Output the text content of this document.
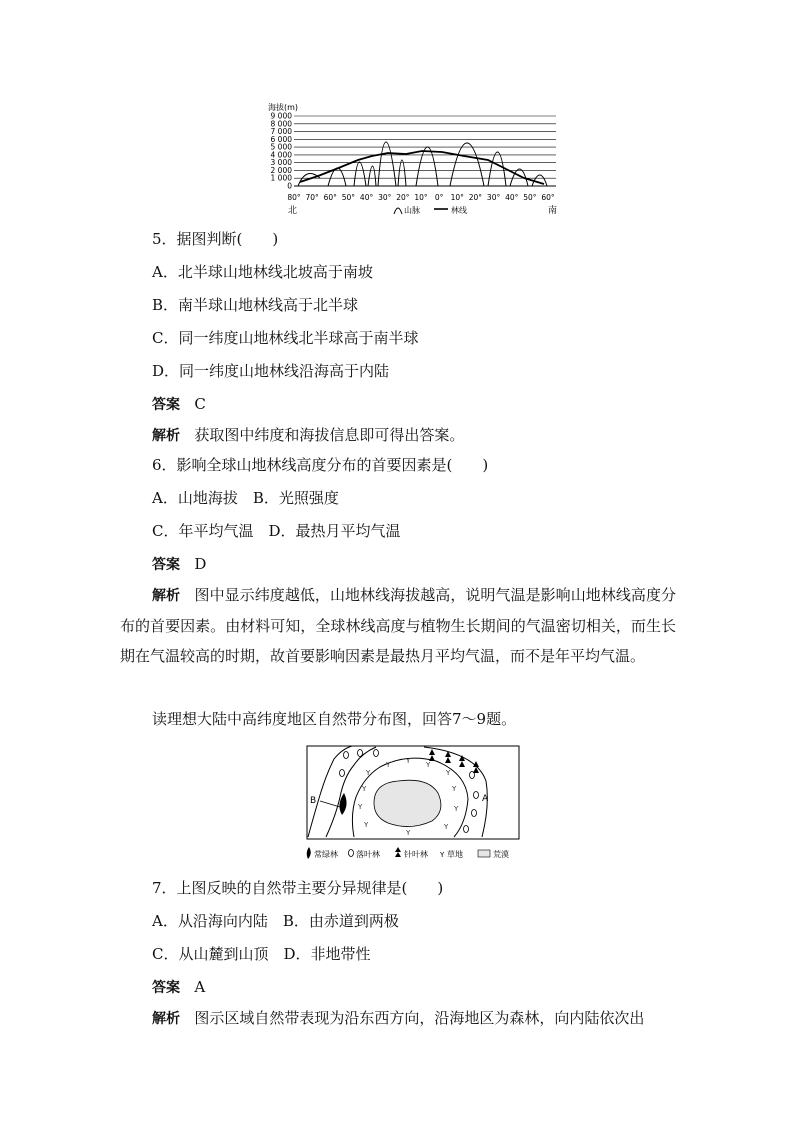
海拔(m)
9 000
8 000
7 000
6 000
5 000
4 000
3 000
2 000
1 000
0
80° 70° 60° 50° 40° 30° 20° 10° 0° 10° 20° 30° 40° 50° 60°
北	南
山脉	林线
5．据图判断(　　)
A．北半球山地林线北坡高于南坡
B．南半球山地林线高于北半球
C．同一纬度山地林线北半球高于南半球
D．同一纬度山地林线沿海高于内陆
答案 C
解析 获取图中纬度和海拔信息即可得出答案。
6．影响全球山地林线高度分布的首要因素是(　　)
A．山地海拔　B．光照强度
C．年平均气温　D．最热月平均气温
答案 D

解析 图中显示纬度越低，山地林线海拔越高，说明气温是影响山地林线高度分布的首要因素。由材料可知，全球林线高度与植物生长期间的气温密切相关，而生长期在气温较高的时期，故首要影响因素是最热月平均气温，而不是年平均气温。

读理想大陆中高纬度地区自然带分布图，回答7～9题。
Y
Y Y Y
Y
Y	Y
Y	Y
Y	Y
Y
B	A
常绿林 落叶林	针叶林 Y 草地	荒漠
7．上图反映的自然带主要分异规律是(　　)
A．从沿海向内陆　B．由赤道到两极
C．从山麓到山顶　D．非地带性
答案 A
解析 图示区域自然带表现为沿东西方向，沿海地区为森林，向内陆依次出
